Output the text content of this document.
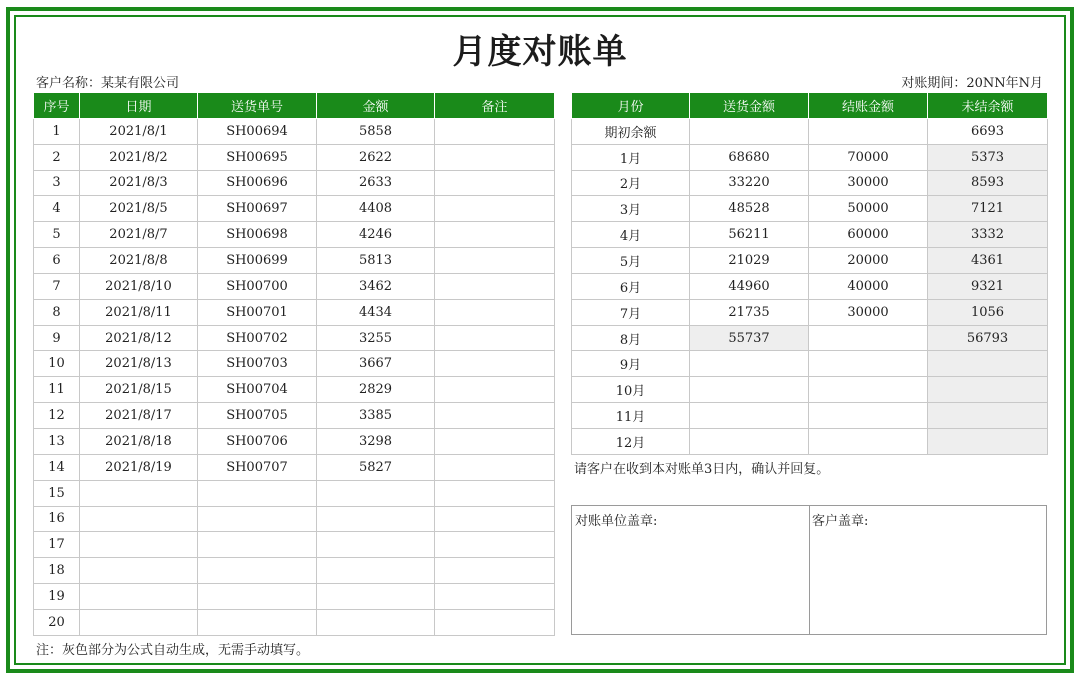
月度对账单
客户名称：某某有限公司	对账期间：20NN年N月
序号	日期	送货单号	金额	备注
1	2021/8/1	SH00694	5858	
2	2021/8/2	SH00695	2622	
3	2021/8/3	SH00696	2633	
4	2021/8/5	SH00697	4408	
5	2021/8/7	SH00698	4246	
6	2021/8/8	SH00699	5813	
7	2021/8/10	SH00700	3462	
8	2021/8/11	SH00701	4434	
9	2021/8/12	SH00702	3255	
10	2021/8/13	SH00703	3667	
11	2021/8/15	SH00704	2829	
12	2021/8/17	SH00705	3385	
13	2021/8/18	SH00706	3298	
14	2021/8/19	SH00707	5827	
15				
16				
17				
18				
19				
20				
月份	送货金额	结账金额	未结余额
期初余额			6693
1月	68680	70000	5373
2月	33220	30000	8593
3月	48528	50000	7121
4月	56211	60000	3332
5月	21029	20000	4361
6月	44960	40000	9321
7月	21735	30000	1056
8月	55737		56793
9月			
10月			
11月			
12月			
请客户在收到本对账单3日内，确认并回复。
对账单位盖章:	客户盖章:
注：灰色部分为公式自动生成，无需手动填写。
